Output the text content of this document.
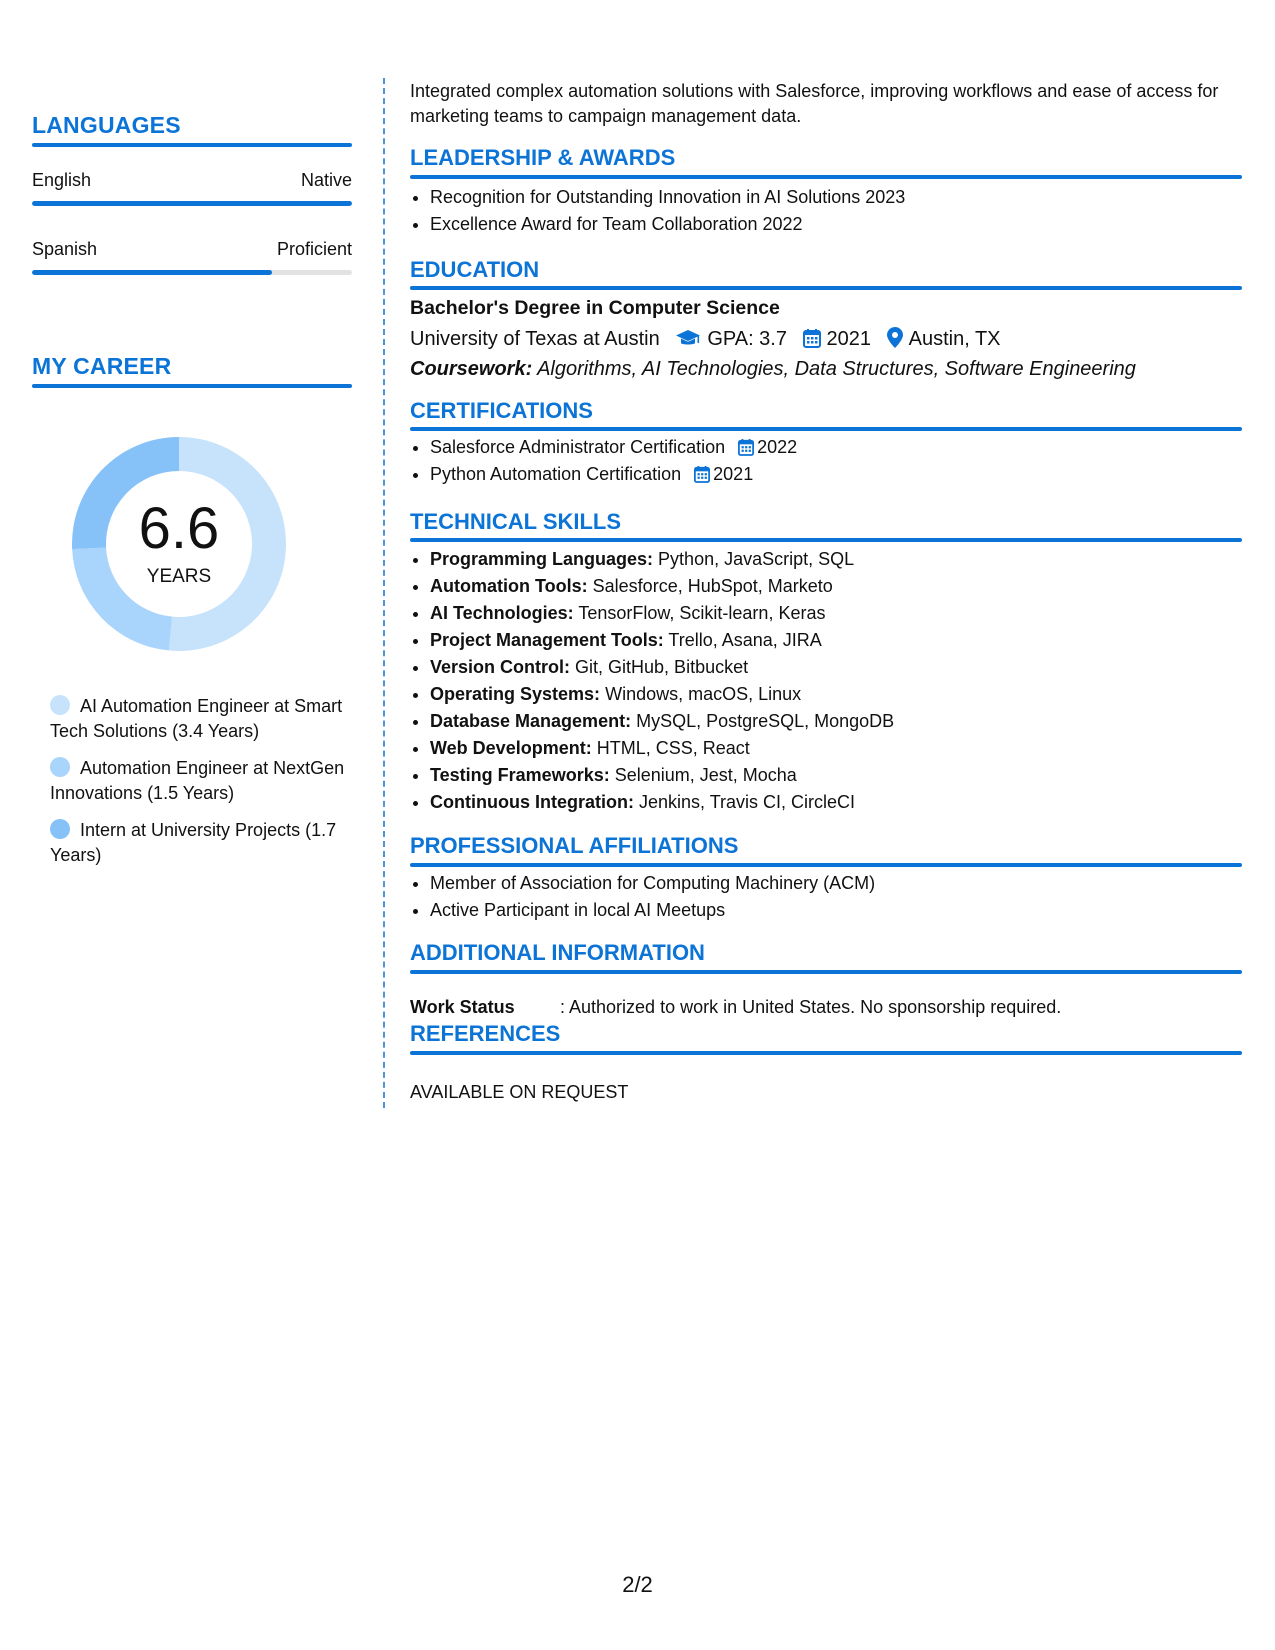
LANGUAGES
English	Native
Spanish	Proficient
MY CAREER
6.6
YEARS
AI Automation Engineer at Smart Tech Solutions (3.4 Years)
Automation Engineer at NextGen Innovations (1.5 Years)
Intern at University Projects (1.7 Years)
Integrated complex automation solutions with Salesforce, improving workflows and ease of access for marketing teams to campaign management data.
LEADERSHIP & AWARDS
• Recognition for Outstanding Innovation in AI Solutions 2023
• Excellence Award for Team Collaboration 2022
EDUCATION
Bachelor's Degree in Computer Science
University of Texas at Austin GPA: 3.7 2021 Austin, TX
Coursework: Algorithms, AI Technologies, Data Structures, Software Engineering
CERTIFICATIONS
• Salesforce Administrator Certification 2022
• Python Automation Certification 2021
TECHNICAL SKILLS
• Programming Languages: Python, JavaScript, SQL
• Automation Tools: Salesforce, HubSpot, Marketo
• AI Technologies: TensorFlow, Scikit-learn, Keras
• Project Management Tools: Trello, Asana, JIRA
• Version Control: Git, GitHub, Bitbucket
• Operating Systems: Windows, macOS, Linux
• Database Management: MySQL, PostgreSQL, MongoDB
• Web Development: HTML, CSS, React
• Testing Frameworks: Selenium, Jest, Mocha
• Continuous Integration: Jenkins, Travis CI, CircleCI
PROFESSIONAL AFFILIATIONS
• Member of Association for Computing Machinery (ACM)
• Active Participant in local AI Meetups
ADDITIONAL INFORMATION
Work Status	: Authorized to work in United States. No sponsorship required.
REFERENCES
AVAILABLE ON REQUEST
2/2
